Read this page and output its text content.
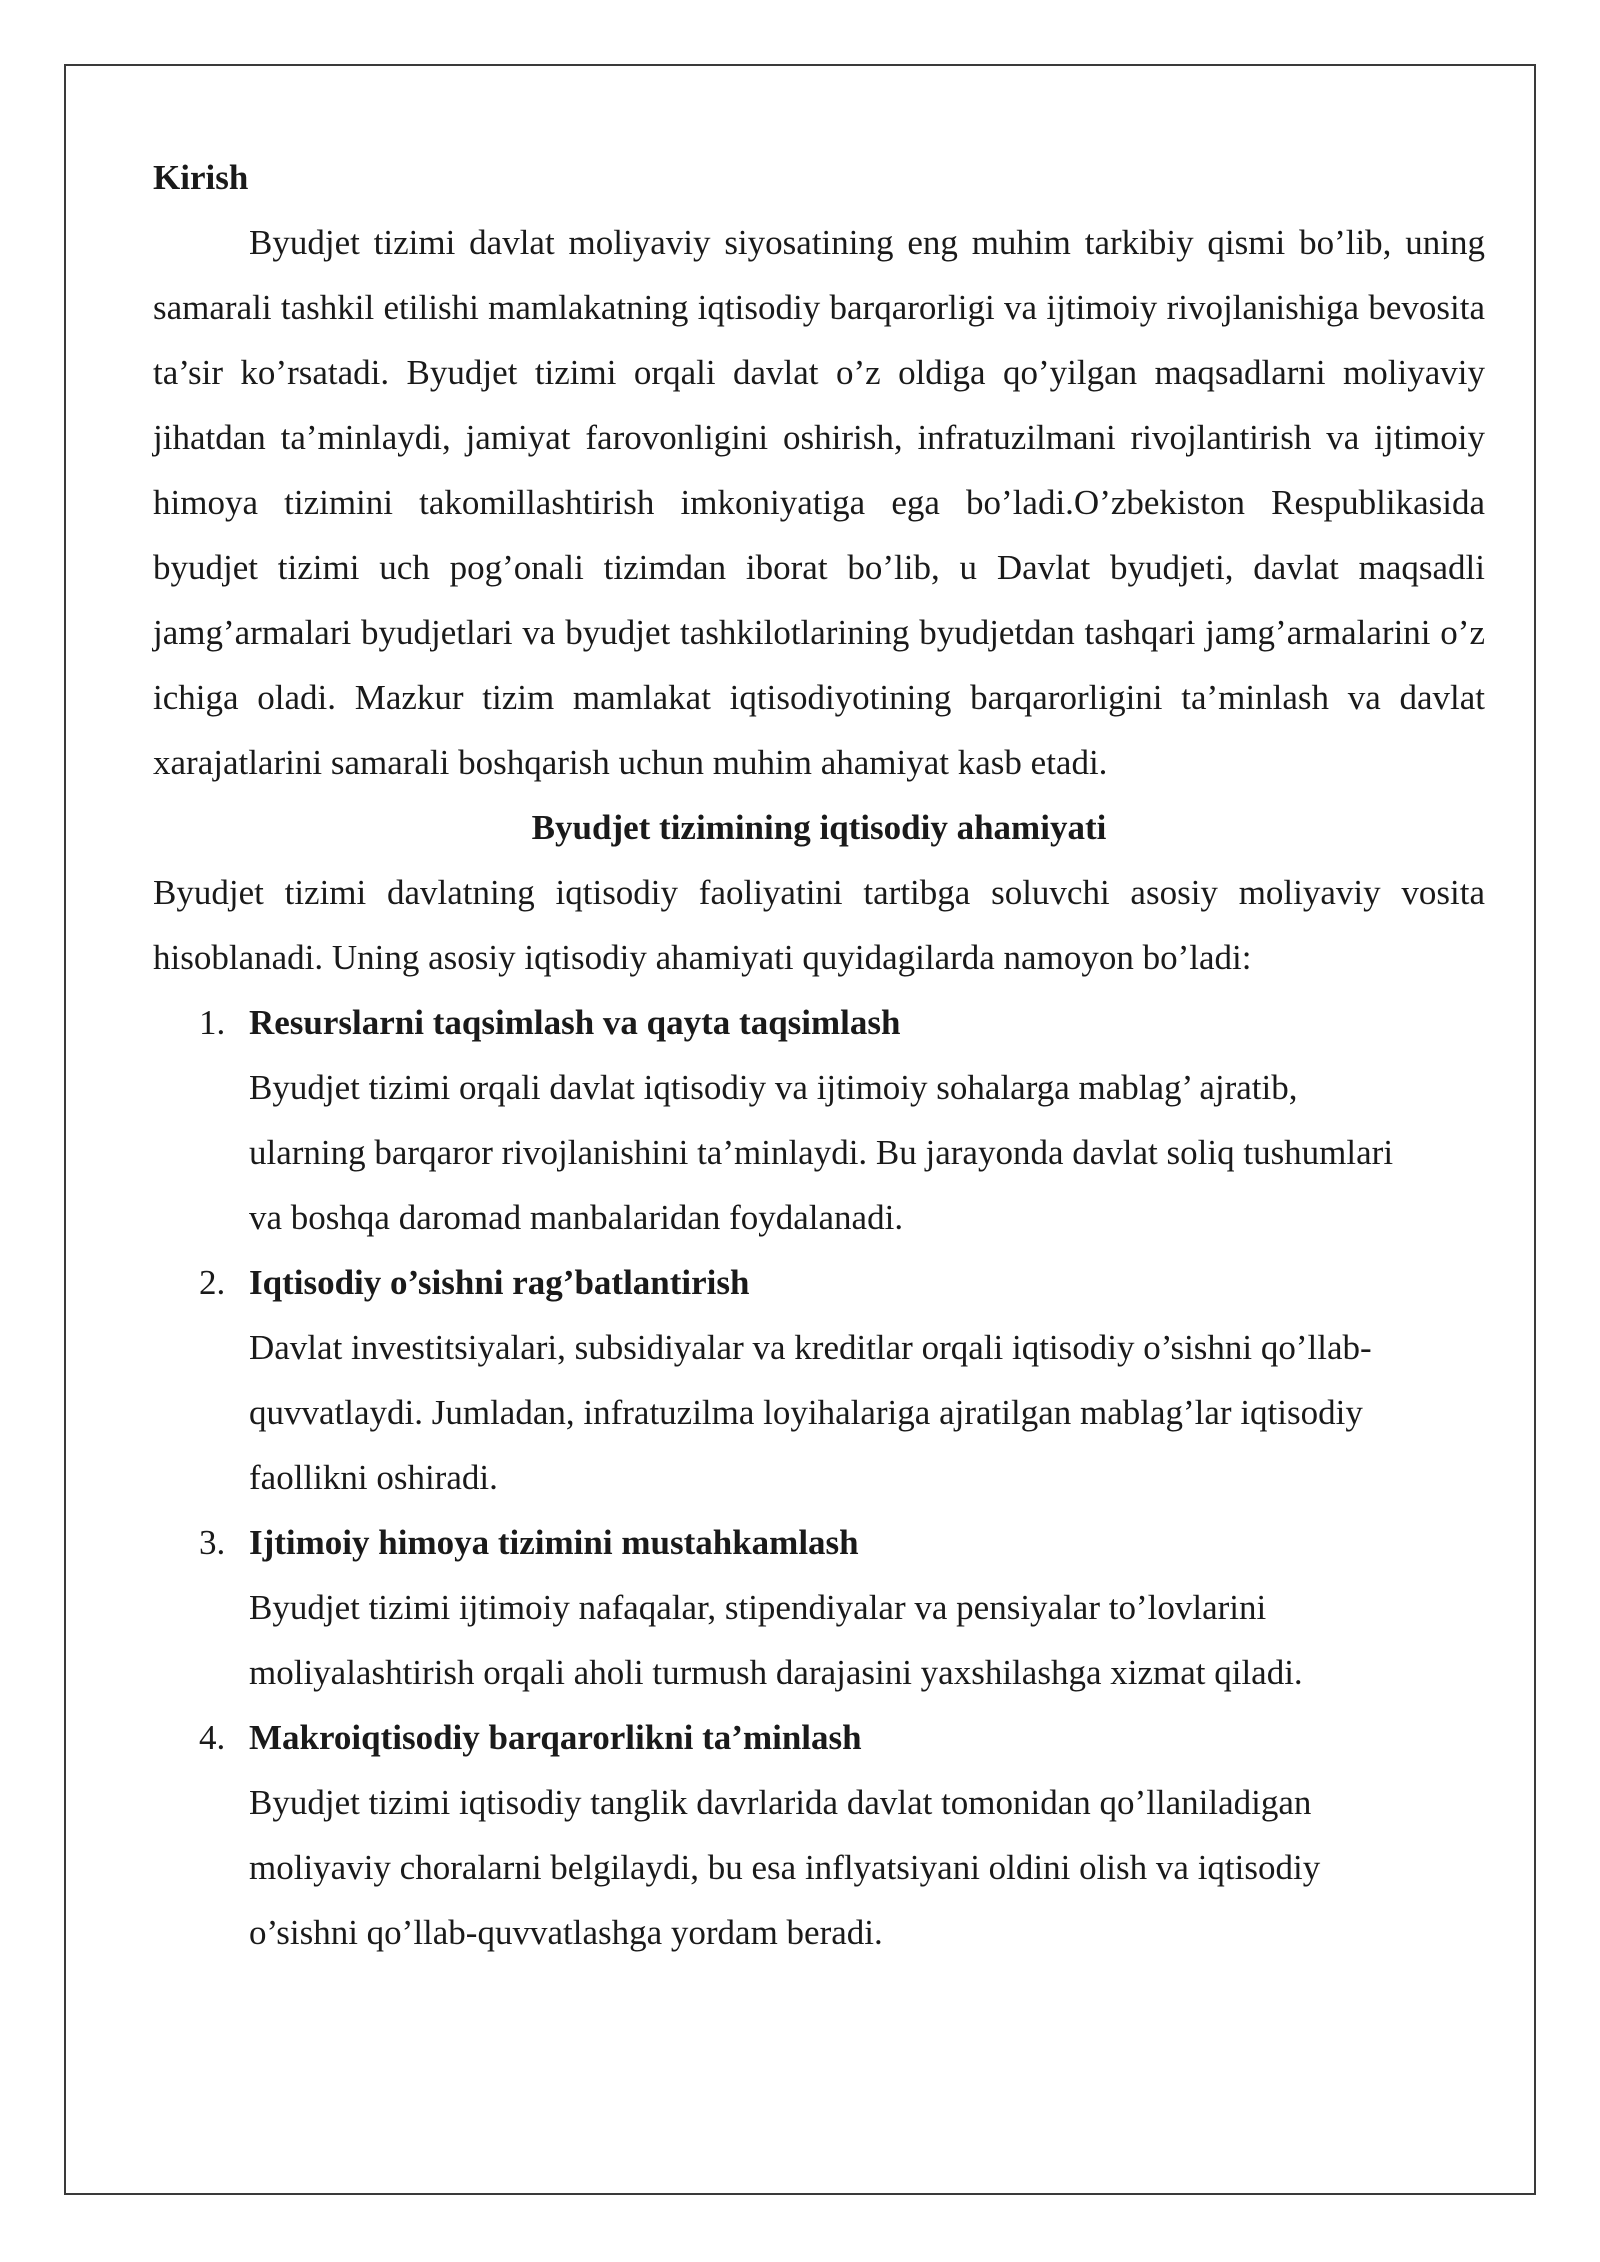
Kirish

Byudjet tizimi davlat moliyaviy siyosatining eng muhim tarkibiy qismi bo’lib, uning samarali tashkil etilishi mamlakatning iqtisodiy barqarorligi va ijtimoiy rivojlanishiga bevosita ta’sir ko’rsatadi. Byudjet tizimi orqali davlat o’z oldiga qo’yilgan maqsadlarni moliyaviy jihatdan ta’minlaydi, jamiyat farovonligini oshirish, infratuzilmani rivojlantirish va ijtimoiy himoya tizimini takomillashtirish imkoniyatiga ega bo’ladi.O’zbekiston Respublikasida byudjet tizimi uch pog’onali tizimdan iborat bo’lib, u Davlat byudjeti, davlat maqsadli jamg’armalari byudjetlari va byudjet tashkilotlarining byudjetdan tashqari jamg’armalarini o’z ichiga oladi. Mazkur tizim mamlakat iqtisodiyotining barqarorligini ta’minlash va davlat xarajatlarini samarali boshqarish uchun muhim ahamiyat kasb etadi.

Byudjet tizimining iqtisodiy ahamiyati

Byudjet tizimi davlatning iqtisodiy faoliyatini tartibga soluvchi asosiy moliyaviy vosita hisoblanadi. Uning asosiy iqtisodiy ahamiyati quyidagilarda namoyon bo’ladi:

1. Resurslarni taqsimlash va qayta taqsimlash

Byudjet tizimi orqali davlat iqtisodiy va ijtimoiy sohalarga mablag’ ajratib,
ularning barqaror rivojlanishini ta’minlaydi. Bu jarayonda davlat soliq tushumlari
va boshqa daromad manbalaridan foydalanadi.

2. Iqtisodiy o’sishni rag’batlantirish

Davlat investitsiyalari, subsidiyalar va kreditlar orqali iqtisodiy o’sishni qo’llab-
quvvatlaydi. Jumladan, infratuzilma loyihalariga ajratilgan mablag’lar iqtisodiy
faollikni oshiradi.

3. Ijtimoiy himoya tizimini mustahkamlash

Byudjet tizimi ijtimoiy nafaqalar, stipendiyalar va pensiyalar to’lovlarini
moliyalashtirish orqali aholi turmush darajasini yaxshilashga xizmat qiladi.

4. Makroiqtisodiy barqarorlikni ta’minlash

Byudjet tizimi iqtisodiy tanglik davrlarida davlat tomonidan qo’llaniladigan
moliyaviy choralarni belgilaydi, bu esa inflyatsiyani oldini olish va iqtisodiy
o’sishni qo’llab-quvvatlashga yordam beradi.
